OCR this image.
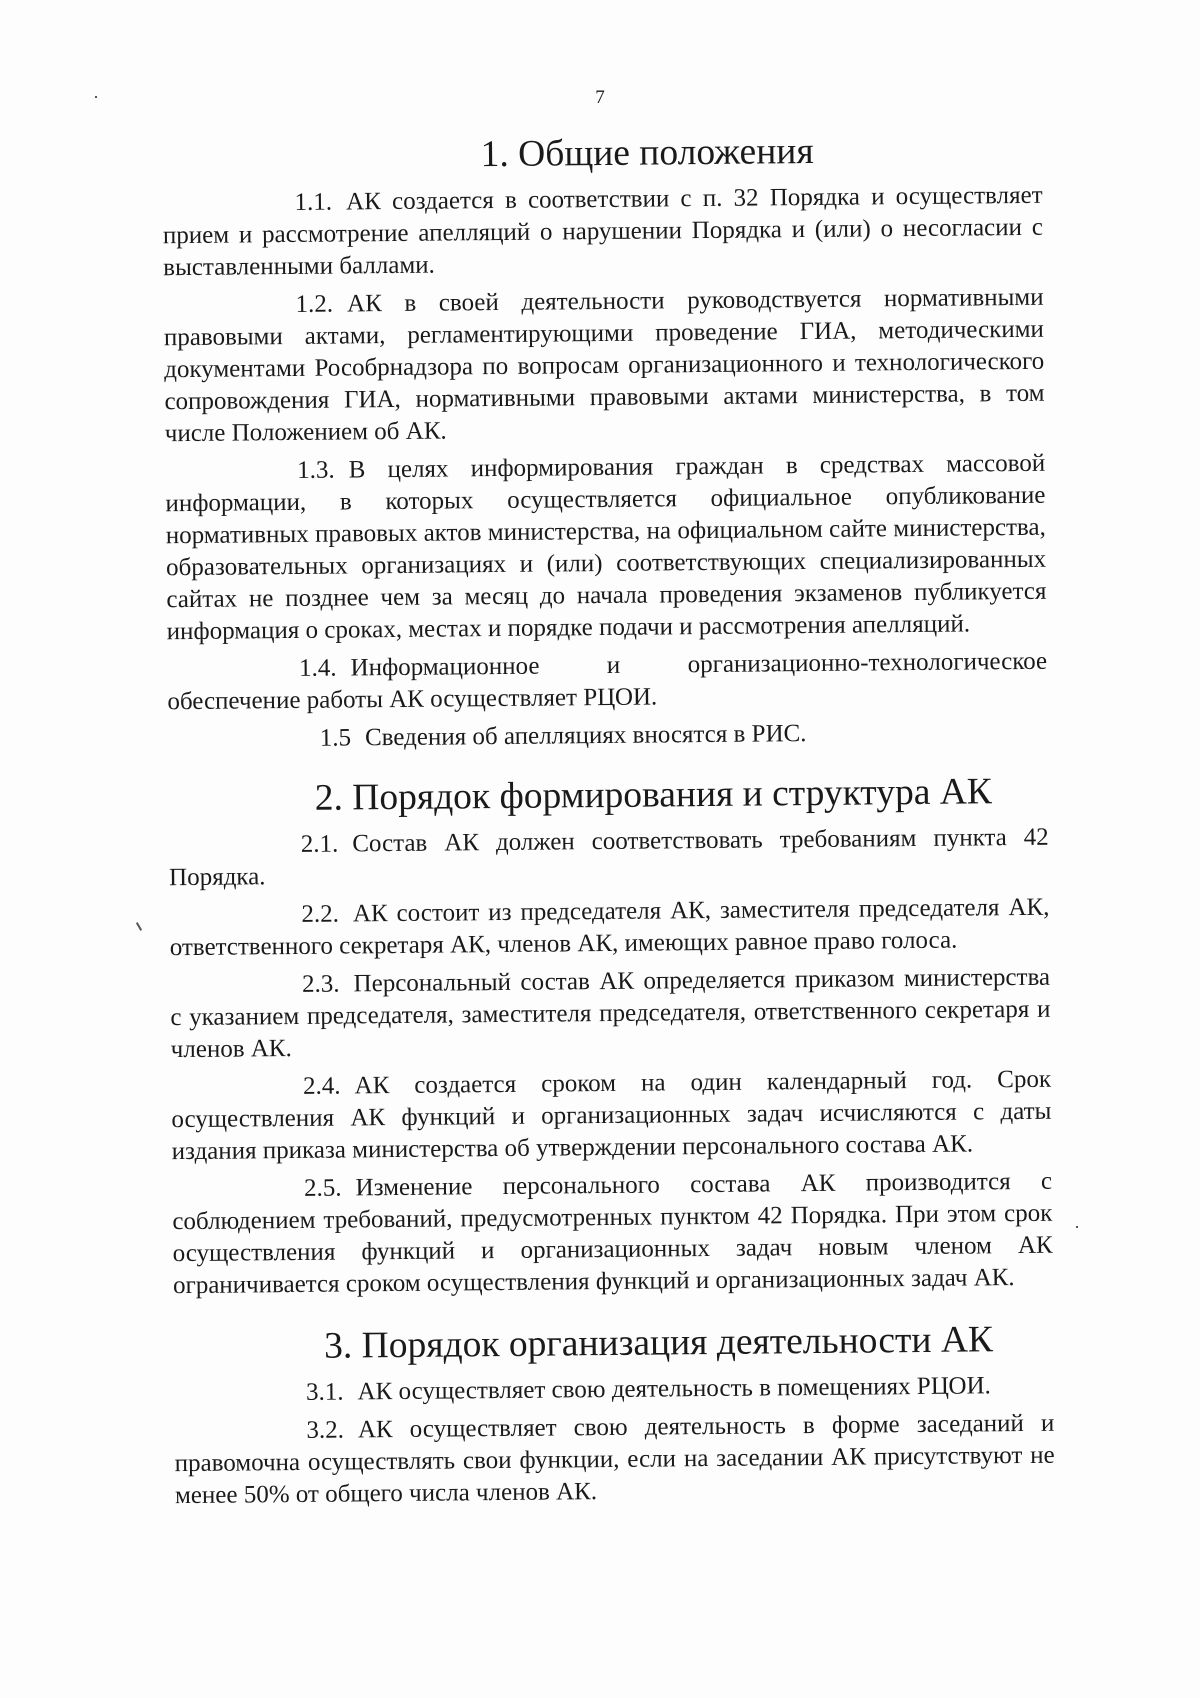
7
1. Общие положения

1.1. АК создается в соответствии с п. 32 Порядка и осуществляет прием и рассмотрение апелляций о нарушении Порядка и (или) о несогласии с выставленными баллами.

1.2. АК в своей деятельности руководствуется нормативными правовыми актами, регламентирующими проведение ГИА, методическими документами Рособрнадзора по вопросам организационного и технологического сопровождения ГИА, нормативными правовыми актами министерства, в том числе Положением об АК.

1.3. В целях информирования граждан в средствах массовой информации, в которых осуществляется официальное опубликование нормативных правовых актов министерства, на официальном сайте министерства, образовательных организациях и (или) соответствующих специализированных сайтах не позднее чем за месяц до начала проведения экзаменов публикуется информация о сроках, местах и порядке подачи и рассмотрения апелляций.

1.4. Информационное и организационно-технологическое обеспечение работы АК осуществляет РЦОИ.

1.5 Сведения об апелляциях вносятся в РИС.

2. Порядок формирования и структура АК

2.1. Состав АК должен соответствовать требованиям пункта 42 Порядка.

2.2. АК состоит из председателя АК, заместителя председателя АК, ответственного секретаря АК, членов АК, имеющих равное право голоса.

2.3. Персональный состав АК определяется приказом министерства с указанием председателя, заместителя председателя, ответственного секретаря и членов АК.

2.4. АК создается сроком на один календарный год. Срок осуществления АК функций и организационных задач исчисляются с даты издания приказа министерства об утверждении персонального состава АК.

2.5. Изменение персонального состава АК производится с соблюдением требований, предусмотренных пунктом 42 Порядка. При этом срок осуществления функций и организационных задач новым членом АК ограничивается сроком осуществления функций и организационных задач АК.

3. Порядок организация деятельности АК

3.1. АК осуществляет свою деятельность в помещениях РЦОИ.

3.2. АК осуществляет свою деятельность в форме заседаний и правомочна осуществлять свои функции, если на заседании АК присутствуют не менее 50% от общего числа членов АК.
